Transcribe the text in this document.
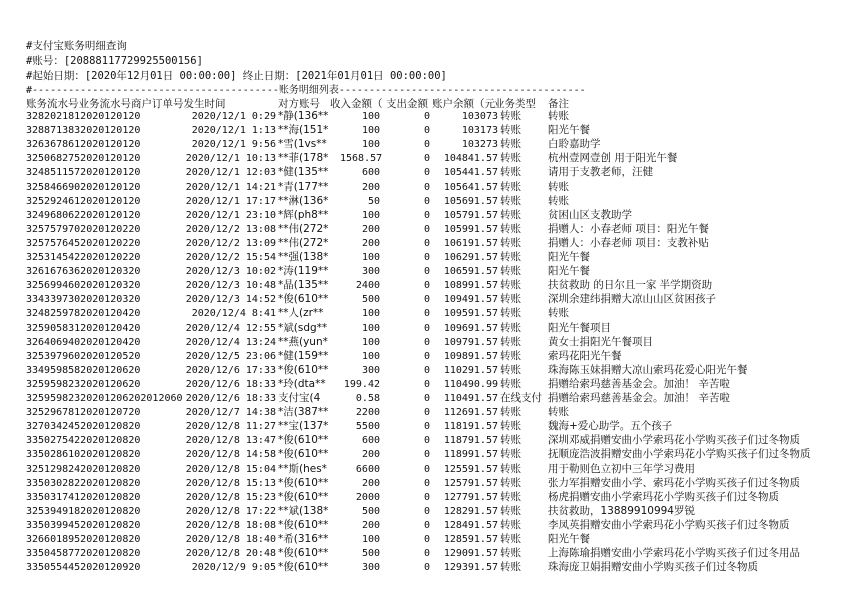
#支付宝账务明细查询
#账号：[20888117729925500156]
#起始日期：[2020年12月01日 00:00:00] 终止日期：[2021年01月01日 00:00:00]
#-----------------------------------------账务明细列表-----------------------------------------
账务流水号业务流水号商户订单号发生时间	对方账号 收入金额（ 支出金额 账户余额（元 业务类型 备注
3282021812020120120	2020/12/1 0:29 *静(136**	100	0	103073 转账	转账
3288713832020120120	2020/12/1 1:13 **海(151*	100	0	103173 转账	阳光午餐
3263678612020120120	2020/12/1 9:56 *雪(1vs**	100	0	103273 转账	白聆嘉助学
3250682752020120120	2020/12/1 10:13 **菲(178*	1568.57	0	104841.57 转账	杭州壹网壹创 用于阳光午餐
3248511572020120120	2020/12/1 12:03 *健(135**	600	0	105441.57 转账	请用于支教老师，汪健
3258466902020120120	2020/12/1 14:21 *青(177**	200	0	105641.57 转账	转账
3252924612020120120	2020/12/1 17:17 **淋(136*	50	0	105691.57 转账	转账
3249680622020120120	2020/12/1 23:10 *辉(ph8**	100	0	105791.57 转账	贫困山区支教助学
3257579702020120220	2020/12/2 13:08 **伟(272*	200	0	105991.57 转账	捐赠人：小春老师 项目：阳光午餐
3257576452020120220	2020/12/2 13:09 **伟(272*	200	0	106191.57 转账	捐赠人：小春老师 项目：支教补贴
3253145422020120220	2020/12/2 15:54 **强(138*	100	0	106291.57 转账	阳光午餐
3261676362020120320	2020/12/3 10:02 *涛(119**	300	0	106591.57 转账	阳光午餐
3256994602020120320	2020/12/3 10:48 *晶(135**	2400	0	108991.57 转账	扶贫救助 的日尔且一家 半学期资助
3343397302020120320	2020/12/3 14:52 *俊(610**	500	0	109491.57 转账	深圳余建纬捐赠大凉山山区贫困孩子
3248259782020120420	2020/12/4 8:41 **人(zr**	100	0	109591.57 转账	转账
3259058312020120420	2020/12/4 12:55 *斌(sdg**	100	0	109691.57 转账	阳光午餐项目
3264069402020120420	2020/12/4 13:24 **燕(yun*	100	0	109791.57 转账	黄女士捐阳光午餐项目
3253979602020120520	2020/12/5 23:06 *健(159**	100	0	109891.57 转账	索玛花阳光午餐
3349598582020120620	2020/12/6 17:33 *俊(610**	300	0	110291.57 转账	珠海陈玉妹捐赠大凉山索玛花爱心阳光午餐
3259598232020120620	2020/12/6 18:33 *玲(dta**	199.42	0	110490.99 转账	捐赠给索玛慈善基金会。加油！ 辛苦啦
32595982320201206202012060 2020/12/6 18:33 支付宝(4	0.58	0	110491.57 在线支付 捐赠给索玛慈善基金会。加油！ 辛苦啦
3252967812020120720	2020/12/7 14:38 *洁(387**	2200	0	112691.57 转账	转账
3270342452020120820	2020/12/8 11:27 **宝(137*	5500	0	118191.57 转账	魏海+爱心助学。五个孩子
3350275422020120820	2020/12/8 13:47 *俊(610**	600	0	118791.57 转账	深圳邓威捐赠安曲小学索玛花小学购买孩子们过冬物质
3350286102020120820	2020/12/8 14:58 *俊(610**	200	0	118991.57 转账	抚顺庞浩波捐赠安曲小学索玛花小学购买孩子们过冬物质
3251298242020120820	2020/12/8 15:04 **斯(hes*	6600	0	125591.57 转账	用于勒则色立初中三年学习费用
3350302822020120820	2020/12/8 15:13 *俊(610**	200	0	125791.57 转账	张力军捐赠安曲小学、索玛花小学购买孩子们过冬物质
3350317412020120820	2020/12/8 15:23 *俊(610**	2000	0	127791.57 转账	杨虎捐赠安曲小学索玛花小学购买孩子们过冬物质
3253949182020120820	2020/12/8 17:22 **斌(138*	500	0	128291.57 转账	扶贫救助，13889910994罗锐
3350399452020120820	2020/12/8 18:08 *俊(610**	200	0	128491.57 转账	李凤英捐赠安曲小学索玛花小学购买孩子们过冬物质
3266018952020120820	2020/12/8 18:40 *希(316**	100	0	128591.57 转账	阳光午餐
3350458772020120820	2020/12/8 20:48 *俊(610**	500	0	129091.57 转账	上海陈瑜捐赠安曲小学索玛花小学购买孩子们过冬用品
3350554452020120920	2020/12/9 9:05 *俊(610**	300	0	129391.57 转账	珠海庞卫娟捐赠安曲小学购买孩子们过冬物质
